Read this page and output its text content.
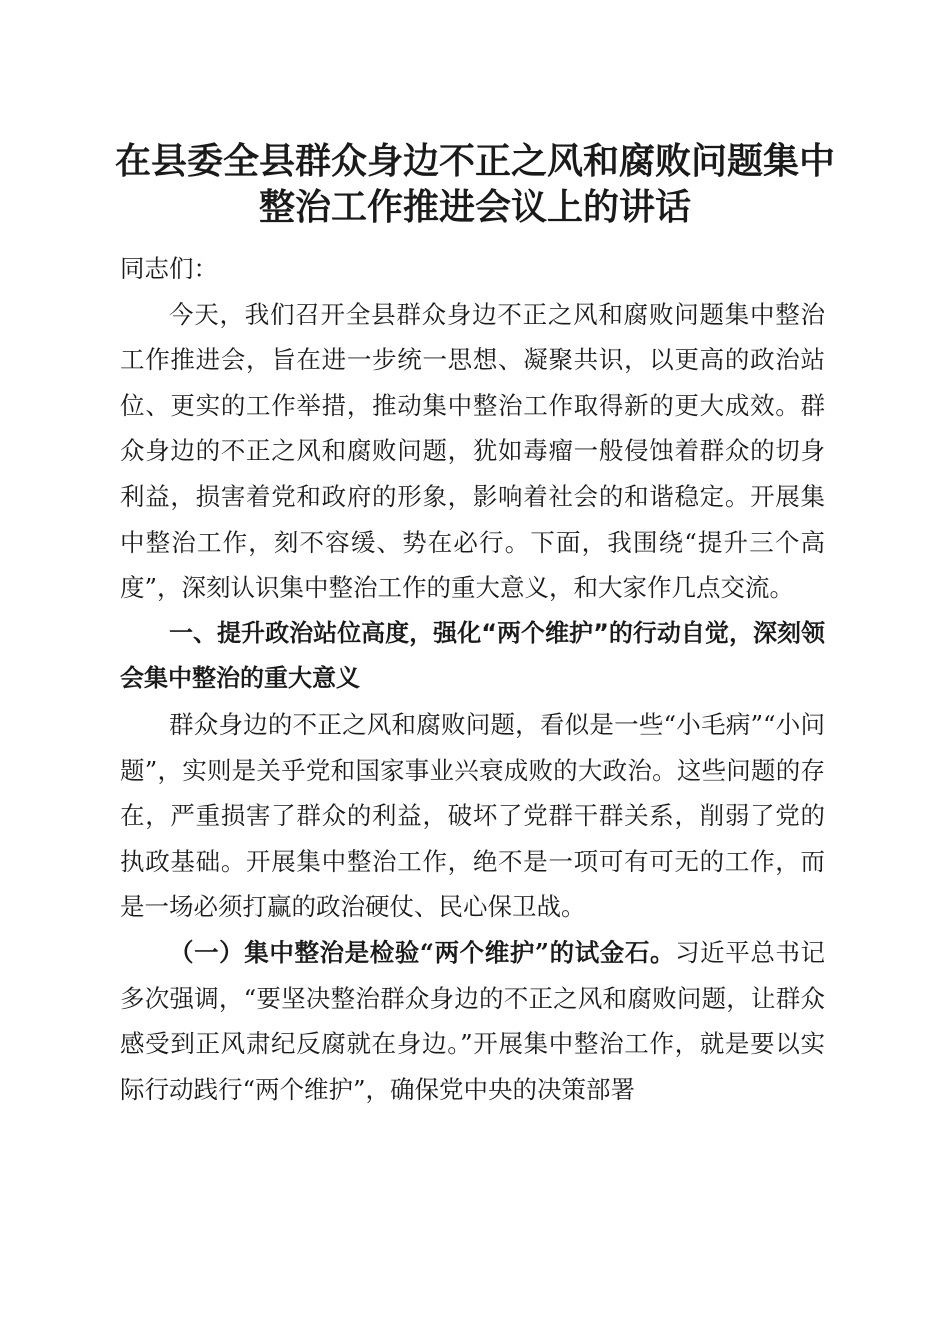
在县委全县群众身边不正之风和腐败问题集中
整治工作推进会议上的讲话

同志们：

今天，我们召开全县群众身边不正之风和腐败问题集中整治工作推进会，旨在进一步统一思想、凝聚共识，以更高的政治站位、更实的工作举措，推动集中整治工作取得新的更大成效。群众身边的不正之风和腐败问题，犹如毒瘤一般侵蚀着群众的切身利益，损害着党和政府的形象，影响着社会的和谐稳定。开展集中整治工作，刻不容缓、势在必行。下面，我围绕“提升三个高度”，深刻认识集中整治工作的重大意义，和大家作几点交流。

一、提升政治站位高度，强化“两个维护”的行动自觉，深刻领会集中整治的重大意义

群众身边的不正之风和腐败问题，看似是一些“小毛病”“小问题”，实则是关乎党和国家事业兴衰成败的大政治。这些问题的存在，严重损害了群众的利益，破坏了党群干群关系，削弱了党的执政基础。开展集中整治工作，绝不是一项可有可无的工作，而是一场必须打赢的政治硬仗、民心保卫战。

（一）集中整治是检验“两个维护”的试金石。习近平总书记多次强调，“要坚决整治群众身边的不正之风和腐败问题，让群众感受到正风肃纪反腐就在身边。”开展集中整治工作，就是要以实际行动践行“两个维护”，确保党中央的决策部署
